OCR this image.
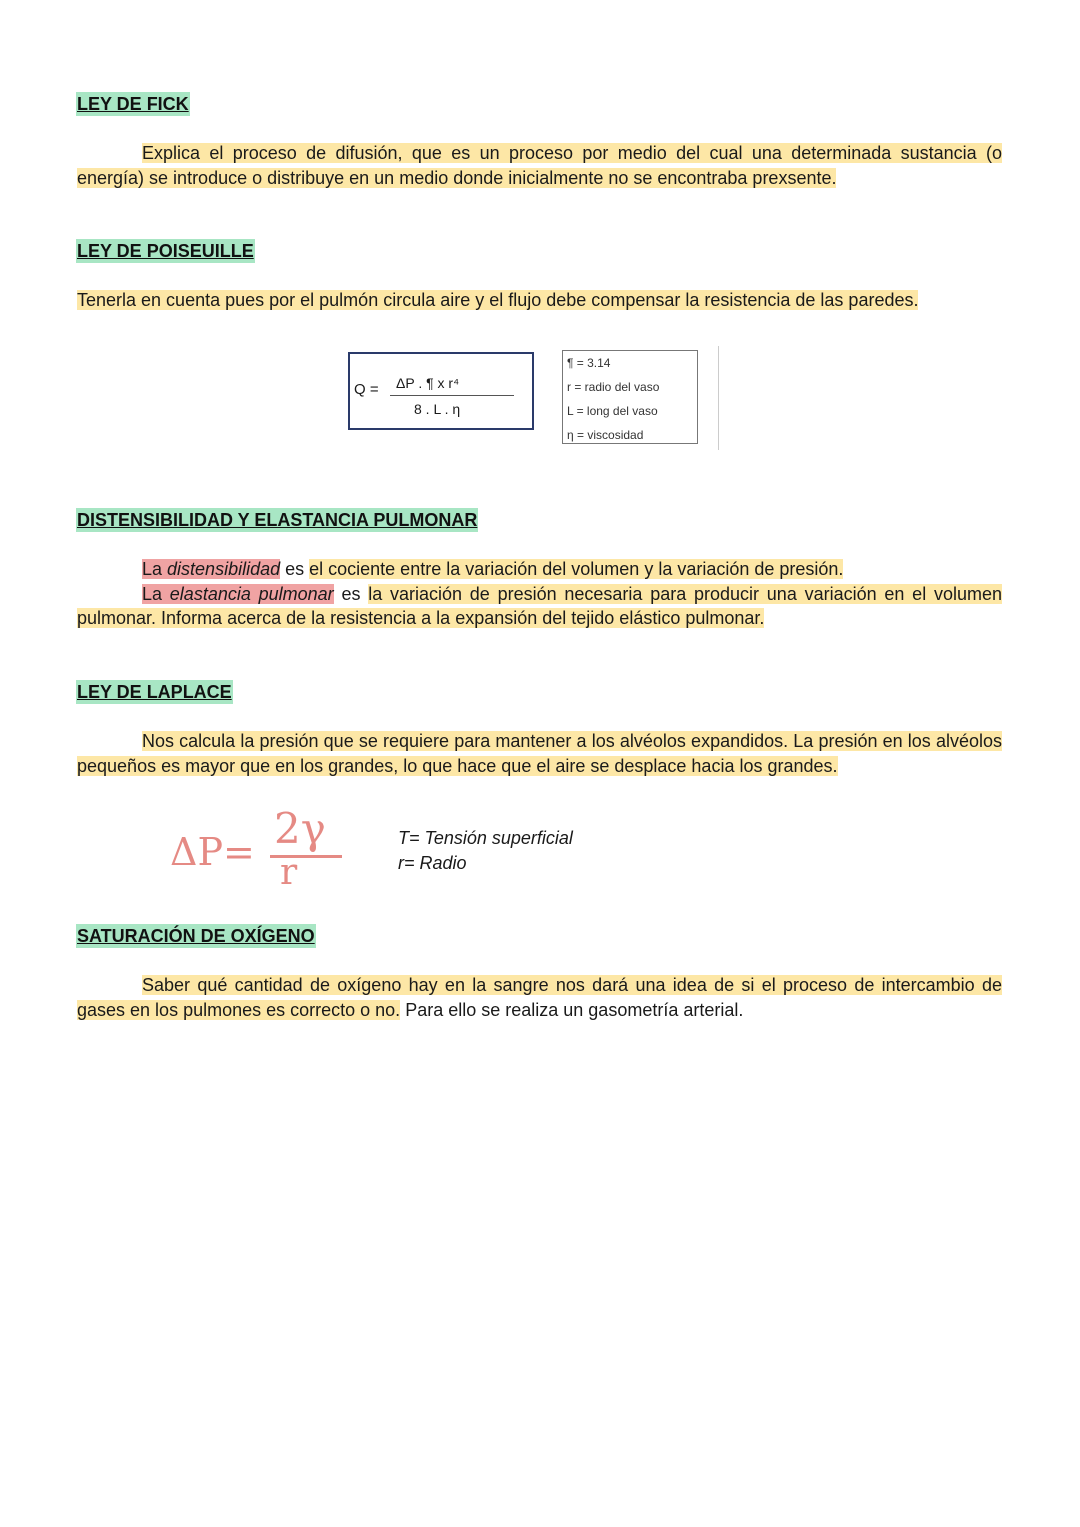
LEY DE FICK
Explica el proceso de difusión, que es un proceso por medio del cual una determinada sustancia (o energía) se introduce o distribuye en un medio donde inicialmente no se encontraba prexsente.
LEY DE POISEUILLE
Tenerla en cuenta pues por el pulmón circula aire y el flujo debe compensar la resistencia de las paredes.
Q = ΔP . ¶ x r⁴
8 . L . η
¶ = 3.14
r = radio del vaso
L = long del vaso
η = viscosidad
DISTENSIBILIDAD Y ELASTANCIA PULMONAR
La distensibilidad es el cociente entre la variación del volumen y la variación de presión.
La elastancia pulmonar es la variación de presión necesaria para producir una variación en el volumen pulmonar. Informa acerca de la resistencia a la expansión del tejido elástico pulmonar.
LEY DE LAPLACE
Nos calcula la presión que se requiere para mantener a los alvéolos expandidos. La presión en los alvéolos pequeños es mayor que en los grandes, lo que hace que el aire se desplace hacia los grandes.
ΔP= 2γ
r
T= Tensión superficial
r= Radio
SATURACIÓN DE OXÍGENO
Saber qué cantidad de oxígeno hay en la sangre nos dará una idea de si el proceso de intercambio de gases en los pulmones es correcto o no. Para ello se realiza un gasometría arterial.
